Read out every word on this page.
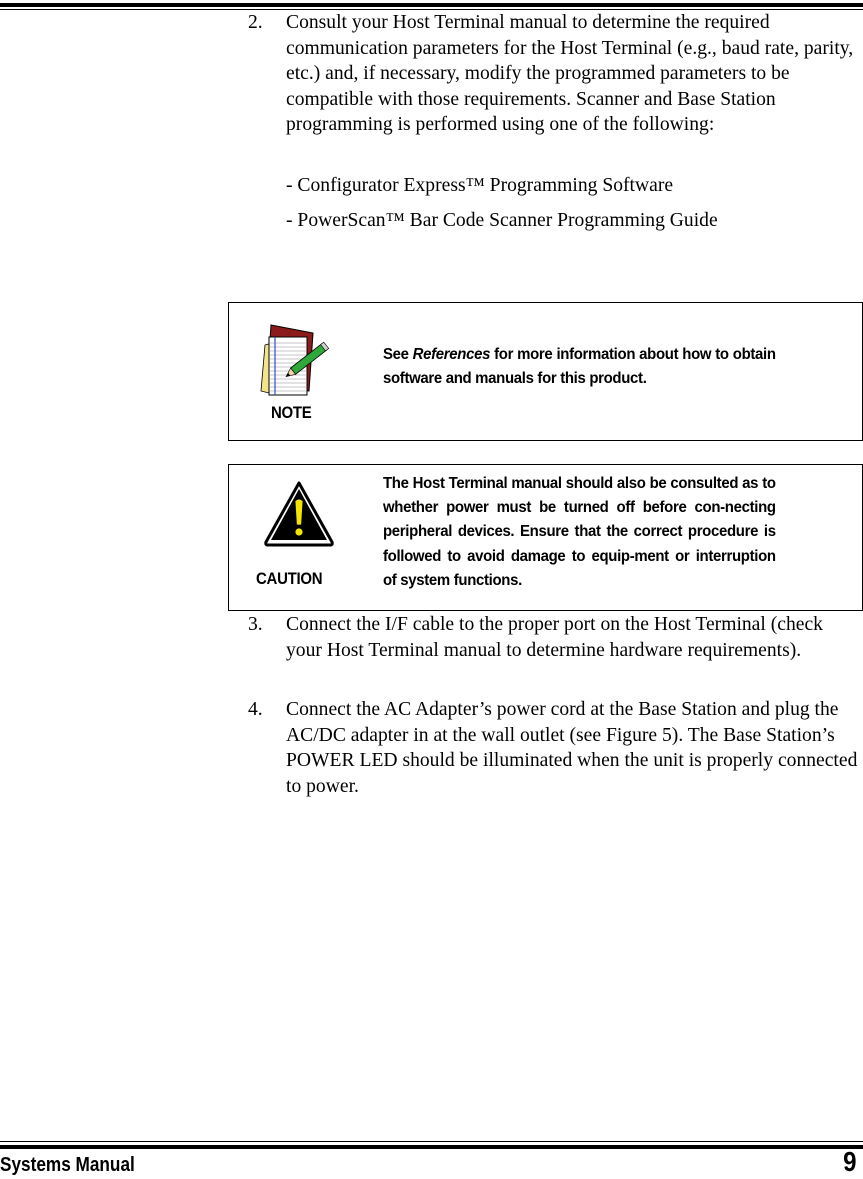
2.	Consult your Host Terminal manual to determine the required communication parameters for the Host Terminal (e.g., baud rate, parity, etc.) and, if necessary, modify the programmed parameters to be compatible with those requirements. Scanner and Base Station programming is performed using one of the following:
- Configurator Express™ Programming Software
- PowerScan™ Bar Code Scanner Programming Guide
NOTE
See References for more information about how to obtain software and manuals for this product.
CAUTION
The Host Terminal manual should also be consulted as to whether power must be turned off before con-necting peripheral devices. Ensure that the correct procedure is followed to avoid damage to equip-ment or interruption of system functions.
3.	Connect the I/F cable to the proper port on the Host Terminal (check your Host Terminal manual to determine hardware requirements).
4.	Connect the AC Adapter’s power cord at the Base Station and plug the AC/DC adapter in at the wall outlet (see Figure 5). The Base Station’s POWER LED should be illuminated when the unit is properly connected to power.
Systems Manual	9
